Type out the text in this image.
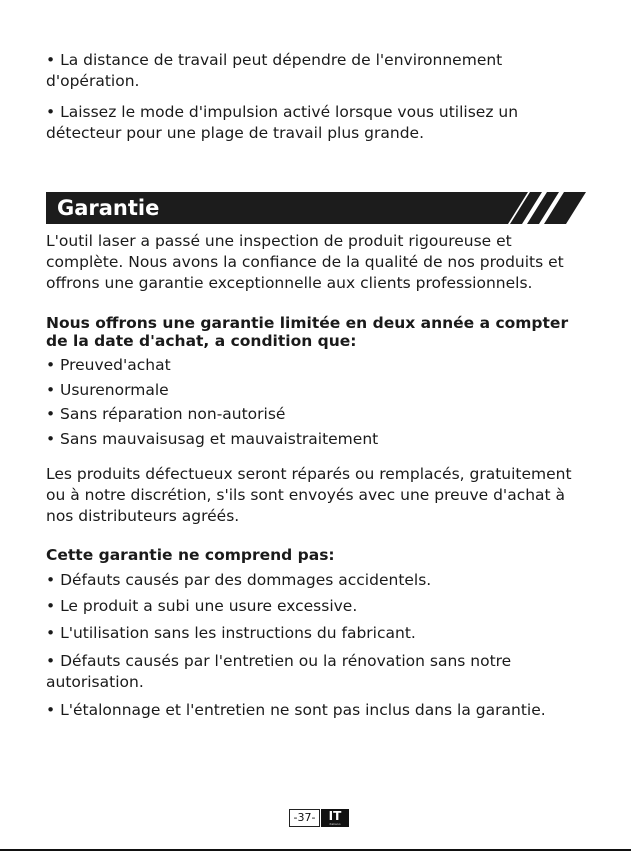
• La distance de travail peut dépendre de l'environnement d'opération.

• Laissez le mode d'impulsion activé lorsque vous utilisez un détecteur pour une plage de travail plus grande.

Garantie

L'outil laser a passé une inspection de produit rigoureuse et complète. Nous avons la confiance de la qualité de nos produits et offrons une garantie exceptionnelle aux clients professionnels.

Nous offrons une garantie limitée en deux année a compter de la date d'achat, a condition que:

• Preuved'achat
• Usurenormale
• Sans réparation non-autorisé
• Sans mauvaisusag et mauvaistraitement

Les produits défectueux seront réparés ou remplacés, gratuitement ou à notre discrétion, s'ils sont envoyés avec une preuve d'achat à nos distributeurs agréés.

Cette garantie ne comprend pas:

• Défauts causés par des dommages accidentels.

• Le produit a subi une usure excessive.

• L'utilisation sans les instructions du fabricant.

• Défauts causés par l'entretien ou la rénovation sans notre autorisation.

• L'étalonnage et l'entretien ne sont pas inclus dans la garantie.

-37-	IT
italiano
